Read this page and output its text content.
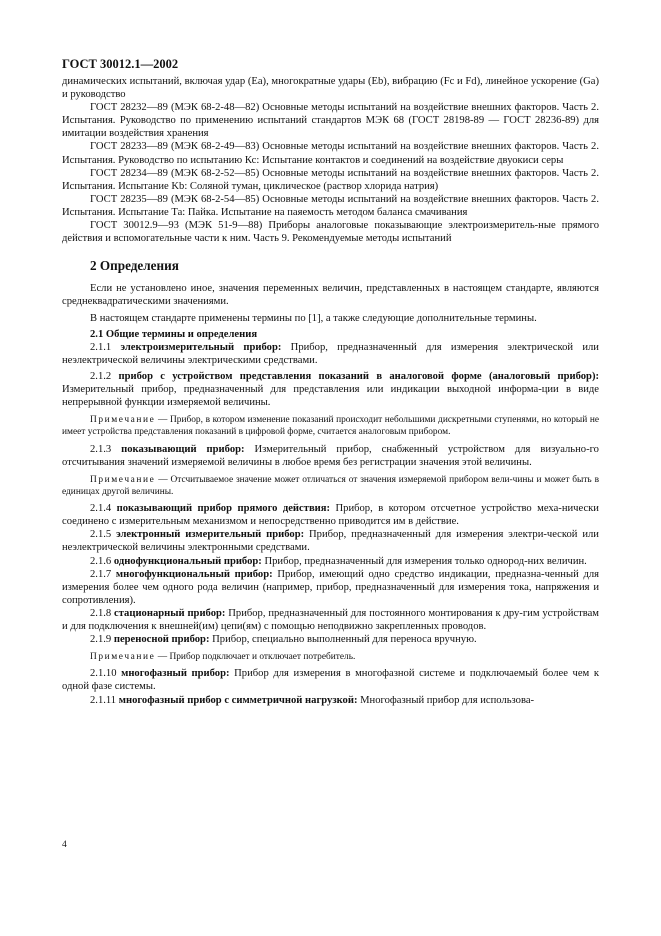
ГОСТ 30012.1—2002

динамических испытаний, включая удар (Ea), многократные удары (Eb), вибрацию (Fc и Fd), линейное ускорение (Ga) и руководство

ГОСТ 28232—89 (МЭК 68-2-48—82) Основные методы испытаний на воздействие внешних факторов. Часть 2. Испытания. Руководство по применению испытаний стандартов МЭК 68 (ГОСТ 28198-89 — ГОСТ 28236-89) для имитации воздействия хранения

ГОСТ 28233—89 (МЭК 68-2-49—83) Основные методы испытаний на воздействие внешних факторов. Часть 2. Испытания. Руководство по испытанию Кс: Испытание контактов и соединений на воздействие двуокиси серы

ГОСТ 28234—89 (МЭК 68-2-52—85) Основные методы испытаний на воздействие внешних факторов. Часть 2. Испытания. Испытание Kb: Соляной туман, циклическое (раствор хлорида натрия)

ГОСТ 28235—89 (МЭК 68-2-54—85) Основные методы испытаний на воздействие внешних факторов. Часть 2. Испытания. Испытание Та: Пайка. Испытание на паяемость методом баланса смачивания

ГОСТ 30012.9—93 (МЭК 51-9—88) Приборы аналоговые показывающие электроизмеритель-ные прямого действия и вспомогательные части к ним. Часть 9. Рекомендуемые методы испытаний

2 Определения

Если не установлено иное, значения переменных величин, представленных в настоящем стандарте, являются среднеквадратическими значениями.

В настоящем стандарте применены термины по [1], а также следующие дополнительные термины.

2.1 Общие термины и определения

2.1.1 электроизмерительный прибор: Прибор, предназначенный для измерения электрической или неэлектрической величины электрическими средствами.

2.1.2 прибор с устройством представления показаний в аналоговой форме (аналоговый прибор): Измерительный прибор, предназначенный для представления или индикации выходной информа-ции в виде непрерывной функции измеряемой величины.

Примечание — Прибор, в котором изменение показаний происходит небольшими дискретными ступенями, но который не имеет устройства представления показаний в цифровой форме, считается аналоговым прибором.

2.1.3 показывающий прибор: Измерительный прибор, снабженный устройством для визуально-го отсчитывания значений измеряемой величины в любое время без регистрации значения этой величины.

Примечание — Отсчитываемое значение может отличаться от значения измеряемой прибором вели-чины и может быть в единицах другой величины.

2.1.4 показывающий прибор прямого действия: Прибор, в котором отсчетное устройство меха-нически соединено с измерительным механизмом и непосредственно приводится им в действие.

2.1.5 электронный измерительный прибор: Прибор, предназначенный для измерения электри-ческой или неэлектрической величины электронными средствами.

2.1.6 однофункциональный прибор: Прибор, предназначенный для измерения только однород-них величин.

2.1.7 многофункциональный прибор: Прибор, имеющий одно средство индикации, предназна-ченный для измерения более чем одного рода величин (например, прибор, предназначенный для измерения тока, напряжения и сопротивления).

2.1.8 стационарный прибор: Прибор, предназначенный для постоянного монтирования к дру-гим устройствам и для подключения к внешней(им) цепи(ям) с помощью неподвижно закрепленных проводов.

2.1.9 переносной прибор: Прибор, специально выполненный для переноса вручную.

Примечание — Прибор подключает и отключает потребитель.

2.1.10 многофазный прибор: Прибор для измерения в многофазной системе и подключаемый более чем к одной фазе системы.

2.1.11 многофазный прибор с симметричной нагрузкой: Многофазный прибор для использова-

4
